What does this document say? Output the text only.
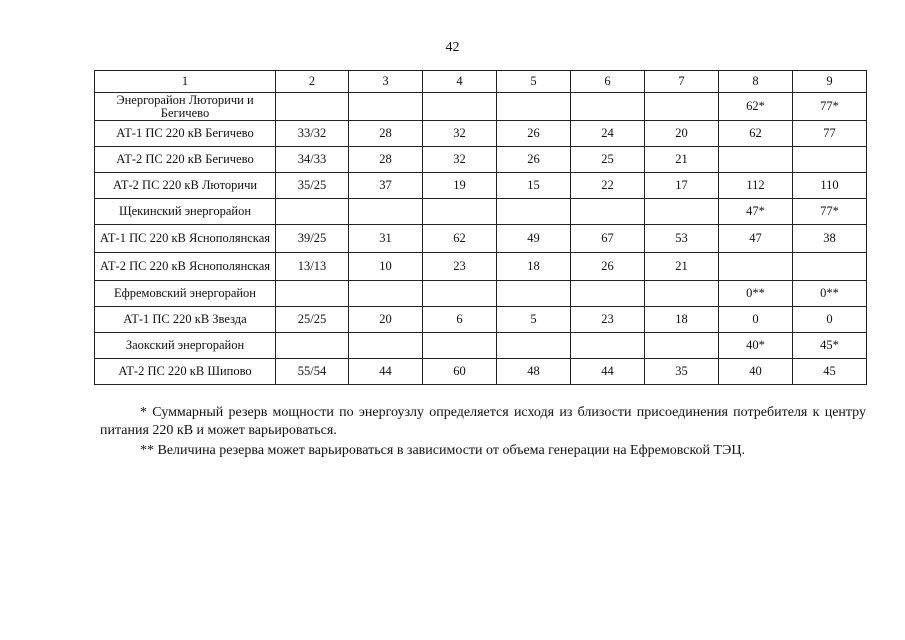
42
1	2	3	4	5	6	7	8	9
Энергорайон Люторичи и Бегичево							62*	77*
АТ-1 ПС 220 кВ Бегичево	33/32	28	32	26	24	20	62	77
АТ-2 ПС 220 кВ Бегичево	34/33	28	32	26	25	21		
АТ-2 ПС 220 кВ Люторичи	35/25	37	19	15	22	17	112	110
Щекинский энергорайон							47*	77*
АТ-1 ПС 220 кВ Яснополянская	39/25	31	62	49	67	53	47	38
АТ-2 ПС 220 кВ Яснополянская	13/13	10	23	18	26	21		
Ефремовский энергорайон							0**	0**
АТ-1 ПС 220 кВ Звезда	25/25	20	6	5	23	18	0	0
Заокский энергорайон							40*	45*
АТ-2 ПС 220 кВ Шипово	55/54	44	60	48	44	35	40	45

* Суммарный резерв мощности по энергоузлу определяется исходя из близости присоединения потребителя к центру питания 220 кВ и может варьироваться.

** Величина резерва может варьироваться в зависимости от объема генерации на Ефремовской ТЭЦ.
